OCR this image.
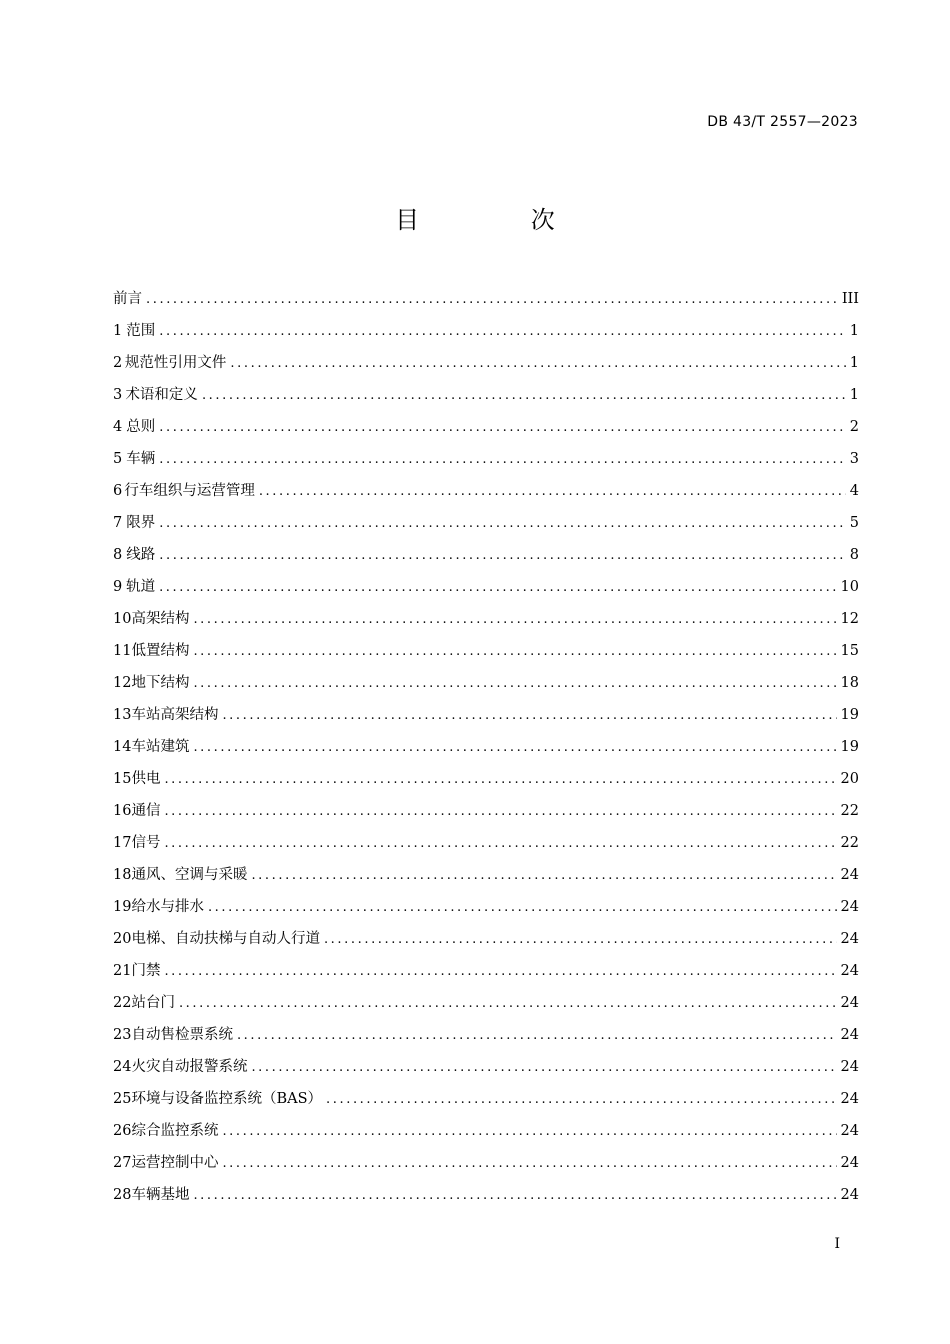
DB 43/T 2557—2023
目 次
前言 .....	III
1 范围 .....	1
2 规范性引用文件 .....	1
3 术语和定义 .....	1
4 总则 .....	2
5 车辆 .....	3
6 行车组织与运营管理 .....	4
7 限界 .....	5
8 线路 .....	8
9 轨道 .....	10
10 高架结构 .....	12
11 低置结构 .....	15
12 地下结构 .....	18
13 车站高架结构 .....	19
14 车站建筑 .....	19
15 供电 .....	20
16 通信 .....	22
17 信号 .....	22
18 通风、空调与采暖 .....	24
19 给水与排水 .....	24
20 电梯、自动扶梯与自动人行道 .....	24
21 门禁 .....	24
22 站台门 .....	24
23 自动售检票系统 .....	24
24 火灾自动报警系统 .....	24
25 环境与设备监控系统（BAS） .....	24
26 综合监控系统 .....	24
27 运营控制中心 .....	24
28 车辆基地 .....	24
I
